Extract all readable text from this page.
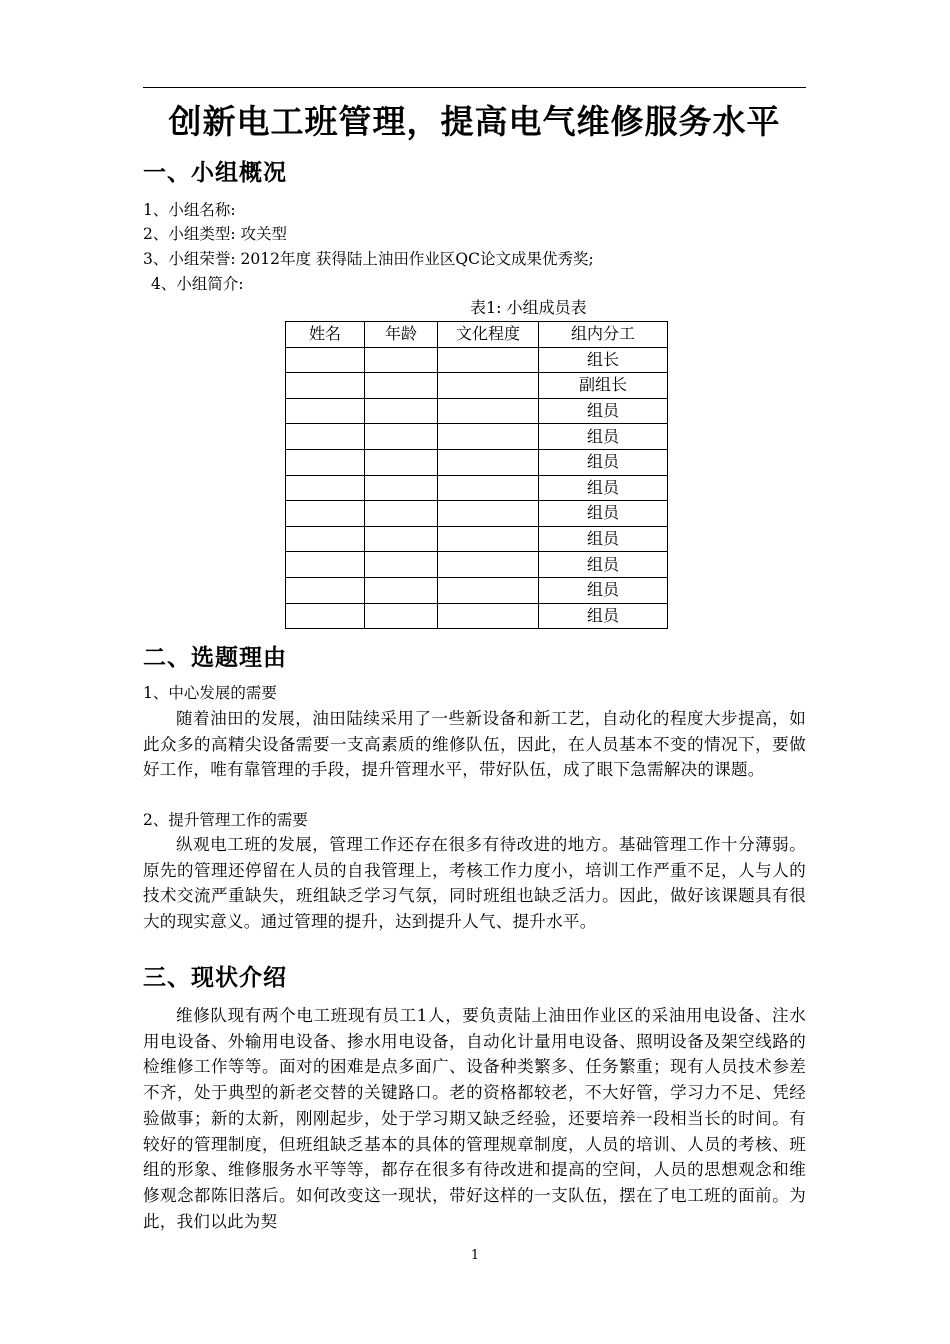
创新电工班管理，提高电气维修服务水平
一、小组概况

1、小组名称:

2、小组类型: 攻关型

3、小组荣誉: 2012年度 获得陆上油田作业区QC论文成果优秀奖;

4、小组简介:

表1: 小组成员表
姓名	年龄	文化程度	组内分工
			组长
			副组长
			组员
			组员
			组员
			组员
			组员
			组员
			组员
			组员
			组员
二、选题理由

1、中心发展的需要

随着油田的发展，油田陆续采用了一些新设备和新工艺，自动化的程度大步提高，如此众多的高精尖设备需要一支高素质的维修队伍，因此，在人员基本不变的情况下，要做好工作，唯有靠管理的手段，提升管理水平，带好队伍，成了眼下急需解决的课题。

2、提升管理工作的需要

纵观电工班的发展，管理工作还存在很多有待改进的地方。基础管理工作十分薄弱。原先的管理还停留在人员的自我管理上，考核工作力度小，培训工作严重不足，人与人的技术交流严重缺失，班组缺乏学习气氛，同时班组也缺乏活力。因此，做好该课题具有很大的现实意义。通过管理的提升，达到提升人气、提升水平。

三、现状介绍

维修队现有两个电工班现有员工1人，要负责陆上油田作业区的采油用电设备、注水用电设备、外输用电设备、掺水用电设备，自动化计量用电设备、照明设备及架空线路的检维修工作等等。面对的困难是点多面广、设备种类繁多、任务繁重；现有人员技术参差不齐，处于典型的新老交替的关键路口。老的资格都较老，不大好管，学习力不足、凭经验做事；新的太新，刚刚起步，处于学习期又缺乏经验，还要培养一段相当长的时间。有较好的管理制度，但班组缺乏基本的具体的管理规章制度，人员的培训、人员的考核、班组的形象、维修服务水平等等，都存在很多有待改进和提高的空间，人员的思想观念和维修观念都陈旧落后。如何改变这一现状，带好这样的一支队伍，摆在了电工班的面前。为此，我们以此为契

1
